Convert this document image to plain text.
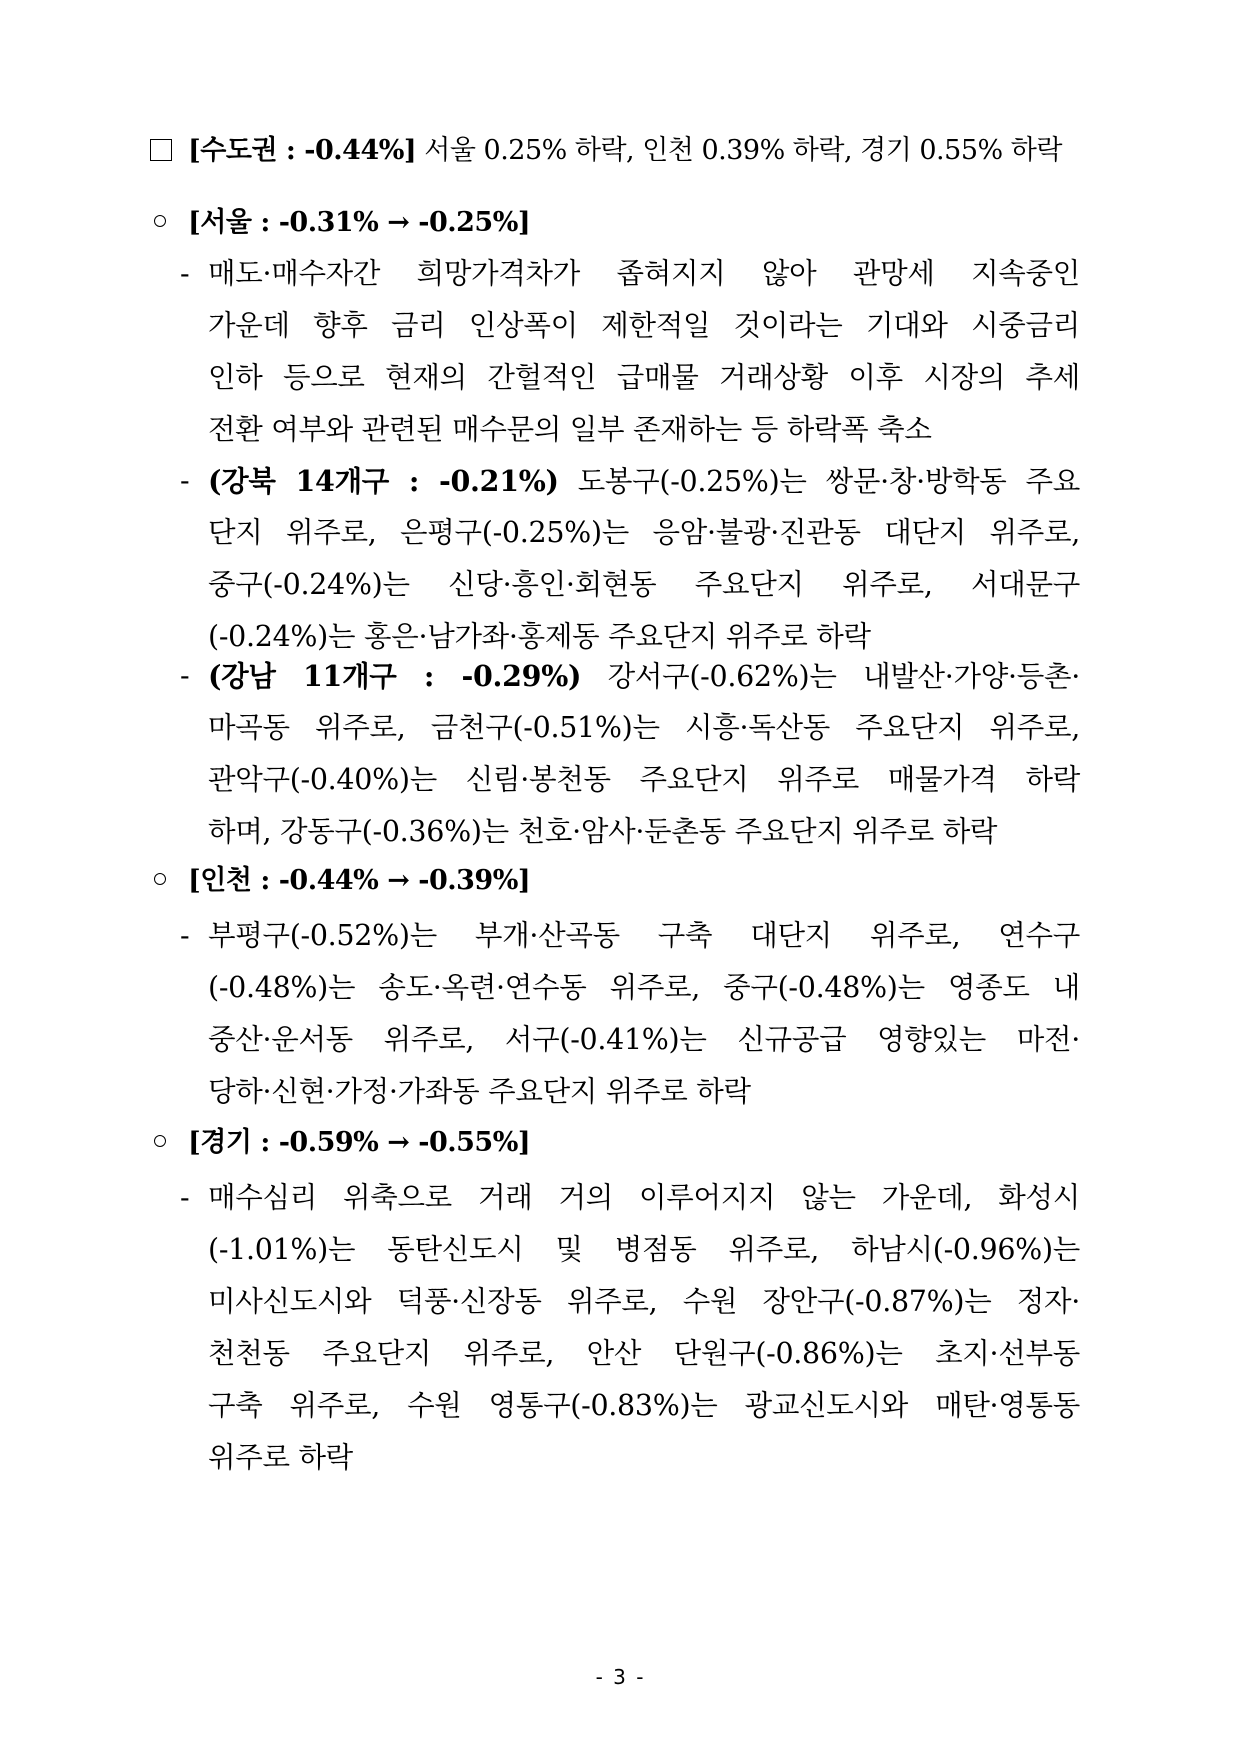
[수도권 : -0.44%] 서울 0.25% 하락, 인천 0.39% 하락, 경기 0.55% 하락
[서울 : -0.31% → -0.25%]
- 매도·매수자간 희망가격차가 좁혀지지 않아 관망세 지속중인
가운데 향후 금리 인상폭이 제한적일 것이라는 기대와 시중금리
인하 등으로 현재의 간헐적인 급매물 거래상황 이후 시장의 추세
전환 여부와 관련된 매수문의 일부 존재하는 등 하락폭 축소
- (강북 14개구 : -0.21%) 도봉구(-0.25%)는 쌍문·창·방학동 주요
단지 위주로, 은평구(-0.25%)는 응암·불광·진관동 대단지 위주로,
중구(-0.24%)는 신당·흥인·회현동 주요단지 위주로, 서대문구
(-0.24%)는 홍은·남가좌·홍제동 주요단지 위주로 하락
- (강남 11개구 : -0.29%) 강서구(-0.62%)는 내발산·가양·등촌·
마곡동 위주로, 금천구(-0.51%)는 시흥·독산동 주요단지 위주로,
관악구(-0.40%)는 신림·봉천동 주요단지 위주로 매물가격 하락
하며, 강동구(-0.36%)는 천호·암사·둔촌동 주요단지 위주로 하락
[인천 : -0.44% → -0.39%]
- 부평구(-0.52%)는 부개·산곡동 구축 대단지 위주로, 연수구
(-0.48%)는 송도·옥련·연수동 위주로, 중구(-0.48%)는 영종도 내
중산·운서동 위주로, 서구(-0.41%)는 신규공급 영향있는 마전·
당하·신현·가정·가좌동 주요단지 위주로 하락
[경기 : -0.59% → -0.55%]
- 매수심리 위축으로 거래 거의 이루어지지 않는 가운데, 화성시
(-1.01%)는 동탄신도시 및 병점동 위주로, 하남시(-0.96%)는
미사신도시와 덕풍·신장동 위주로, 수원 장안구(-0.87%)는 정자·
천천동 주요단지 위주로, 안산 단원구(-0.86%)는 초지·선부동
구축 위주로, 수원 영통구(-0.83%)는 광교신도시와 매탄·영통동
위주로 하락
- 3 -
